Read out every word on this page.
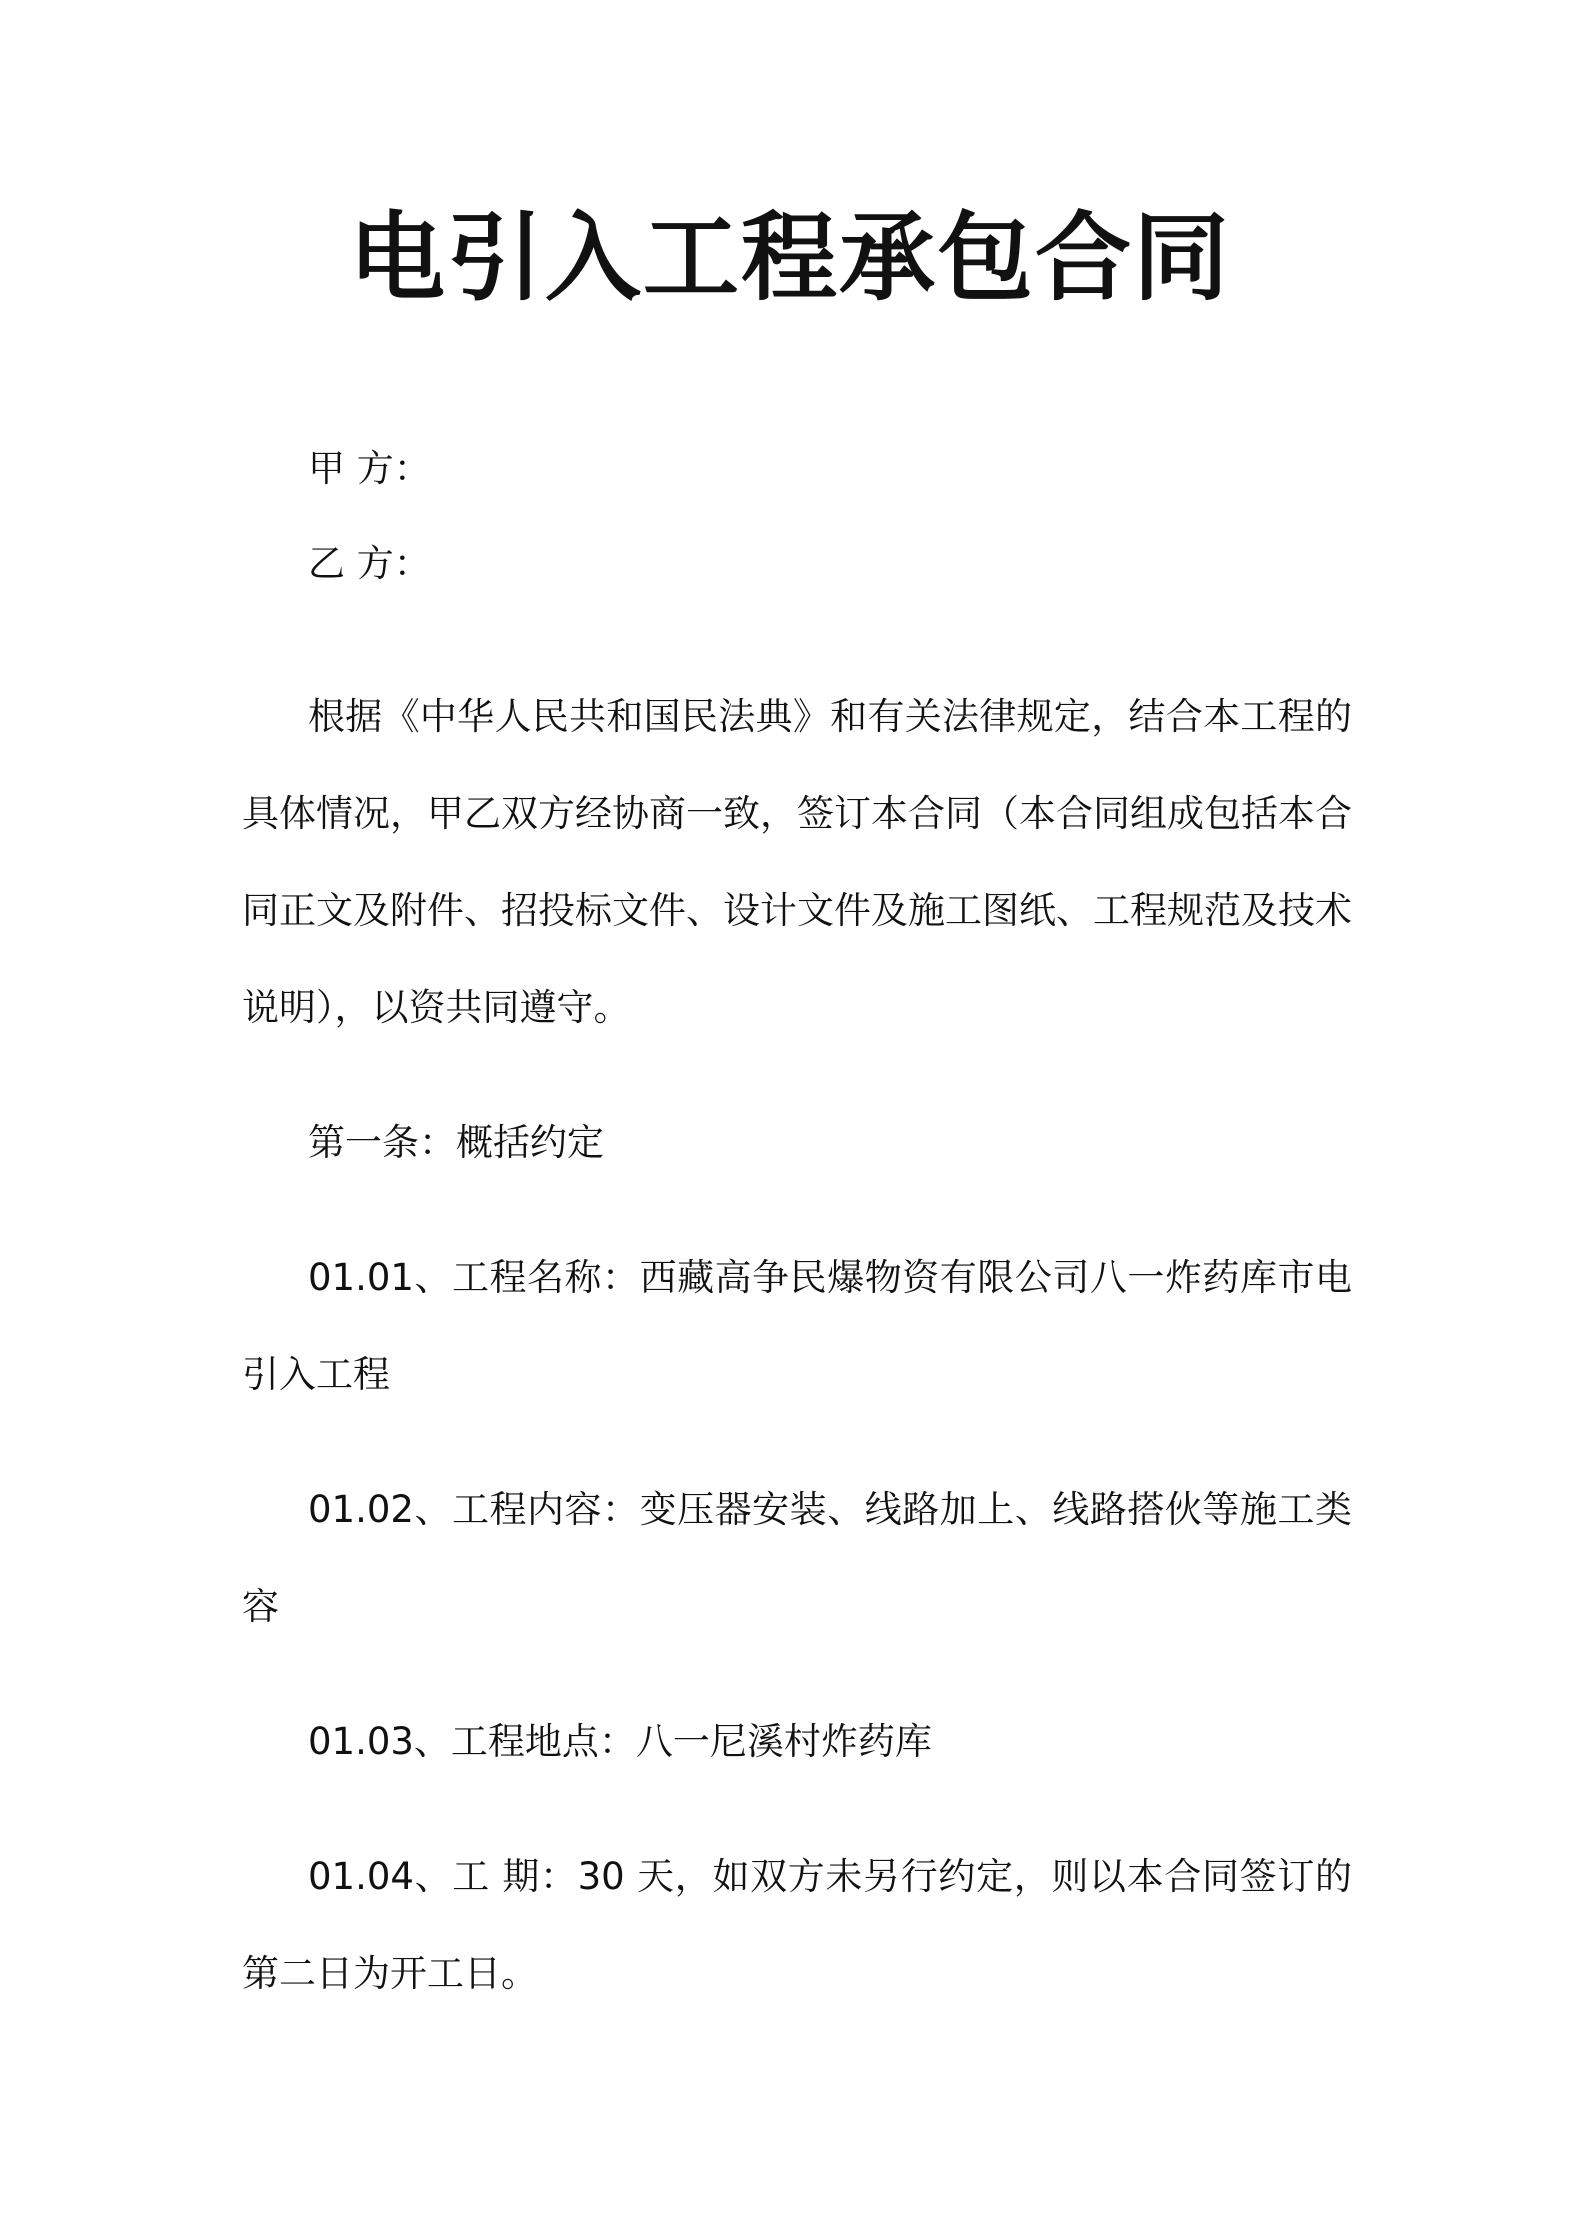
电引入工程承包合同

甲 方：

乙 方：

根据《中华人民共和国民法典》和有关法律规定，结合本工程的具体情况，甲乙双方经协商一致，签订本合同（本合同组成包括本合同正文及附件、招投标文件、设计文件及施工图纸、工程规范及技术说明），以资共同遵守。

第一条：概括约定

01.01、工程名称：西藏高争民爆物资有限公司八一炸药库市电引入工程

01.02、工程内容：变压器安装、线路加上、线路搭伙等施工类容

01.03、工程地点：八一尼溪村炸药库

01.04、工 期：30 天，如双方未另行约定，则以本合同签订的第二日为开工日。
